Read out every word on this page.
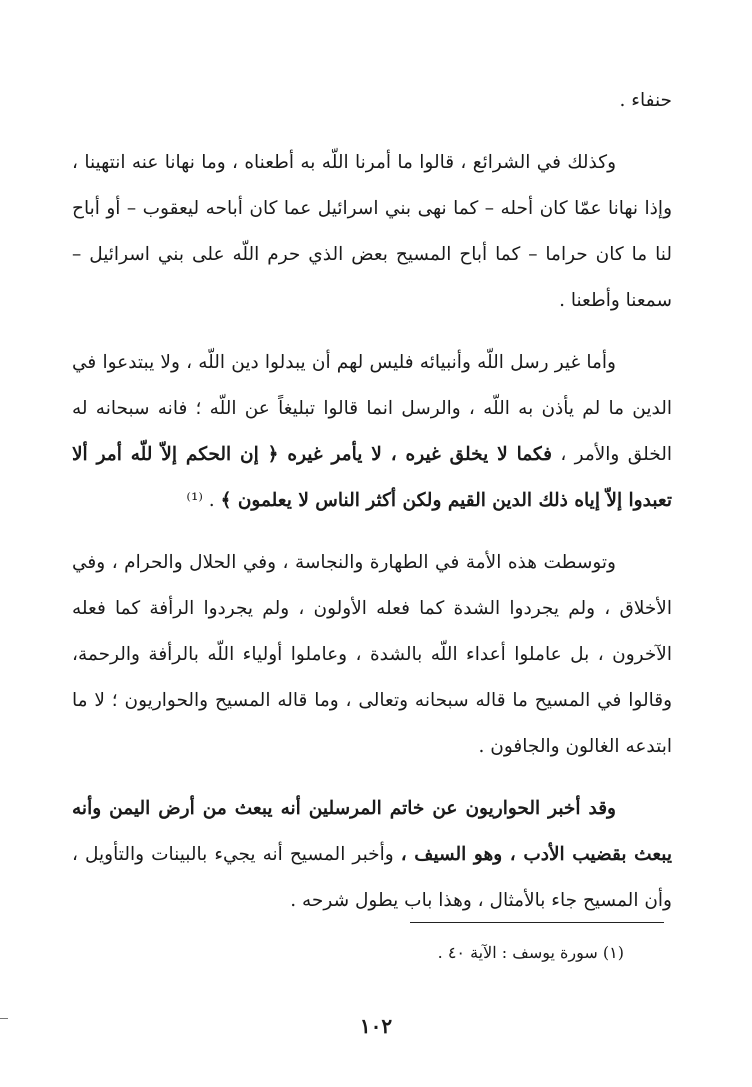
حنفاء .

وكذلك في الشرائع ، قالوا ما أمرنا اللّه به أطعناه ، وما نهانا عنه انتهينا ، وإذا نهانا عمّا كان أحله – كما نهى بني اسرائيل عما كان أباحه ليعقوب – أو أباح لنا ما كان حراما – كما أباح المسيح بعض الذي حرم اللّه على بني اسرائيل – سمعنا وأطعنا .

وأما غير رسل اللّه وأنبيائه فليس لهم أن يبدلوا دين اللّه ، ولا يبتدعوا في الدين ما لم يأذن به اللّه ، والرسل انما قالوا تبليغاً عن اللّه ؛ فانه سبحانه له الخلق والأمر ، فكما لا يخلق غيره ، لا يأمر غيره ﴿ إن الحكم إلاّ للّه أمر ألا تعبدوا إلاّ إياه ذلك الدين القيم ولكن أكثر الناس لا يعلمون ﴾ . ⁽¹⁾

وتوسطت هذه الأمة في الطهارة والنجاسة ، وفي الحلال والحرام ، وفي الأخلاق ، ولم يجردوا الشدة كما فعله الأولون ، ولم يجردوا الرأفة كما فعله الآخرون ، بل عاملوا أعداء اللّه بالشدة ، وعاملوا أولياء اللّه بالرأفة والرحمة، وقالوا في المسيح ما قاله سبحانه وتعالى ، وما قاله المسيح والحواريون ؛ لا ما ابتدعه الغالون والجافون .

وقد أخبر الحواريون عن خاتم المرسلين أنه يبعث من أرض اليمن وأنه يبعث بقضيب الأدب ، وهو السيف ، وأخبر المسيح أنه يجيء بالبينات والتأويل ، وأن المسيح جاء بالأمثال ، وهذا باب يطول شرحه .

(١) سورة يوسف : الآية ٤٠ .
١٠٢
